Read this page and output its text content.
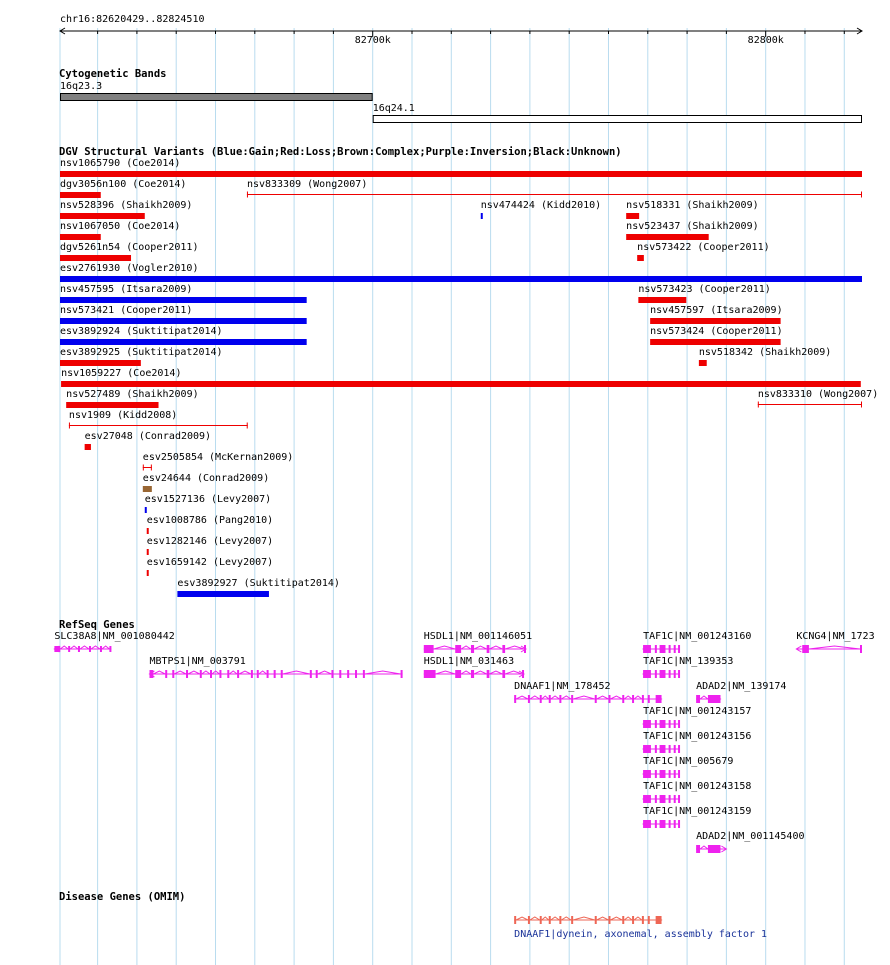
chr16:82620429..82824510
Cytogenetic Bands
DGV Structural Variants (Blue:Gain;Red:Loss;Brown:Complex;Purple:Inversion;Black:Unknown)
RefSeq Genes
Disease Genes (OMIM)
82700k	82800k
16q23.3
16q24.1
nsv1065790 (Coe2014)
dgv3056n100 (Coe2014)	nsv833309 (Wong2007)
nsv528396 (Shaikh2009)	nsv474424 (Kidd2010) nsv518331 (Shaikh2009)
nsv1067050 (Coe2014)	nsv523437 (Shaikh2009)
dgv5261n54 (Cooper2011)	nsv573422 (Cooper2011)
esv2761930 (Vogler2010)
nsv457595 (Itsara2009)	nsv573423 (Cooper2011)
nsv573421 (Cooper2011)	nsv457597 (Itsara2009)
esv3892924 (Suktitipat2014)	nsv573424 (Cooper2011)
esv3892925 (Suktitipat2014)	nsv518342 (Shaikh2009)
nsv1059227 (Coe2014)
nsv527489 (Shaikh2009)	nsv833310 (Wong2007)
nsv1909 (Kidd2008)
esv27048 (Conrad2009)
esv2505854 (McKernan2009)
esv24644 (Conrad2009)
esv1527136 (Levy2007)
esv1008786 (Pang2010)
esv1282146 (Levy2007)
esv1659142 (Levy2007)
esv3892927 (Suktitipat2014)
SLC38A8|NM_001080442	HSDL1|NM_001146051	TAF1C|NM_001243160	KCNG4|NM_1723
MBTPS1|NM_003791	HSDL1|NM_031463	TAF1C|NM_139353
DNAAF1|NM_178452	ADAD2|NM_139174
TAF1C|NM_001243157
TAF1C|NM_001243156
TAF1C|NM_005679
TAF1C|NM_001243158
TAF1C|NM_001243159
ADAD2|NM_001145400
DNAAF1|dynein, axonemal, assembly factor 1
